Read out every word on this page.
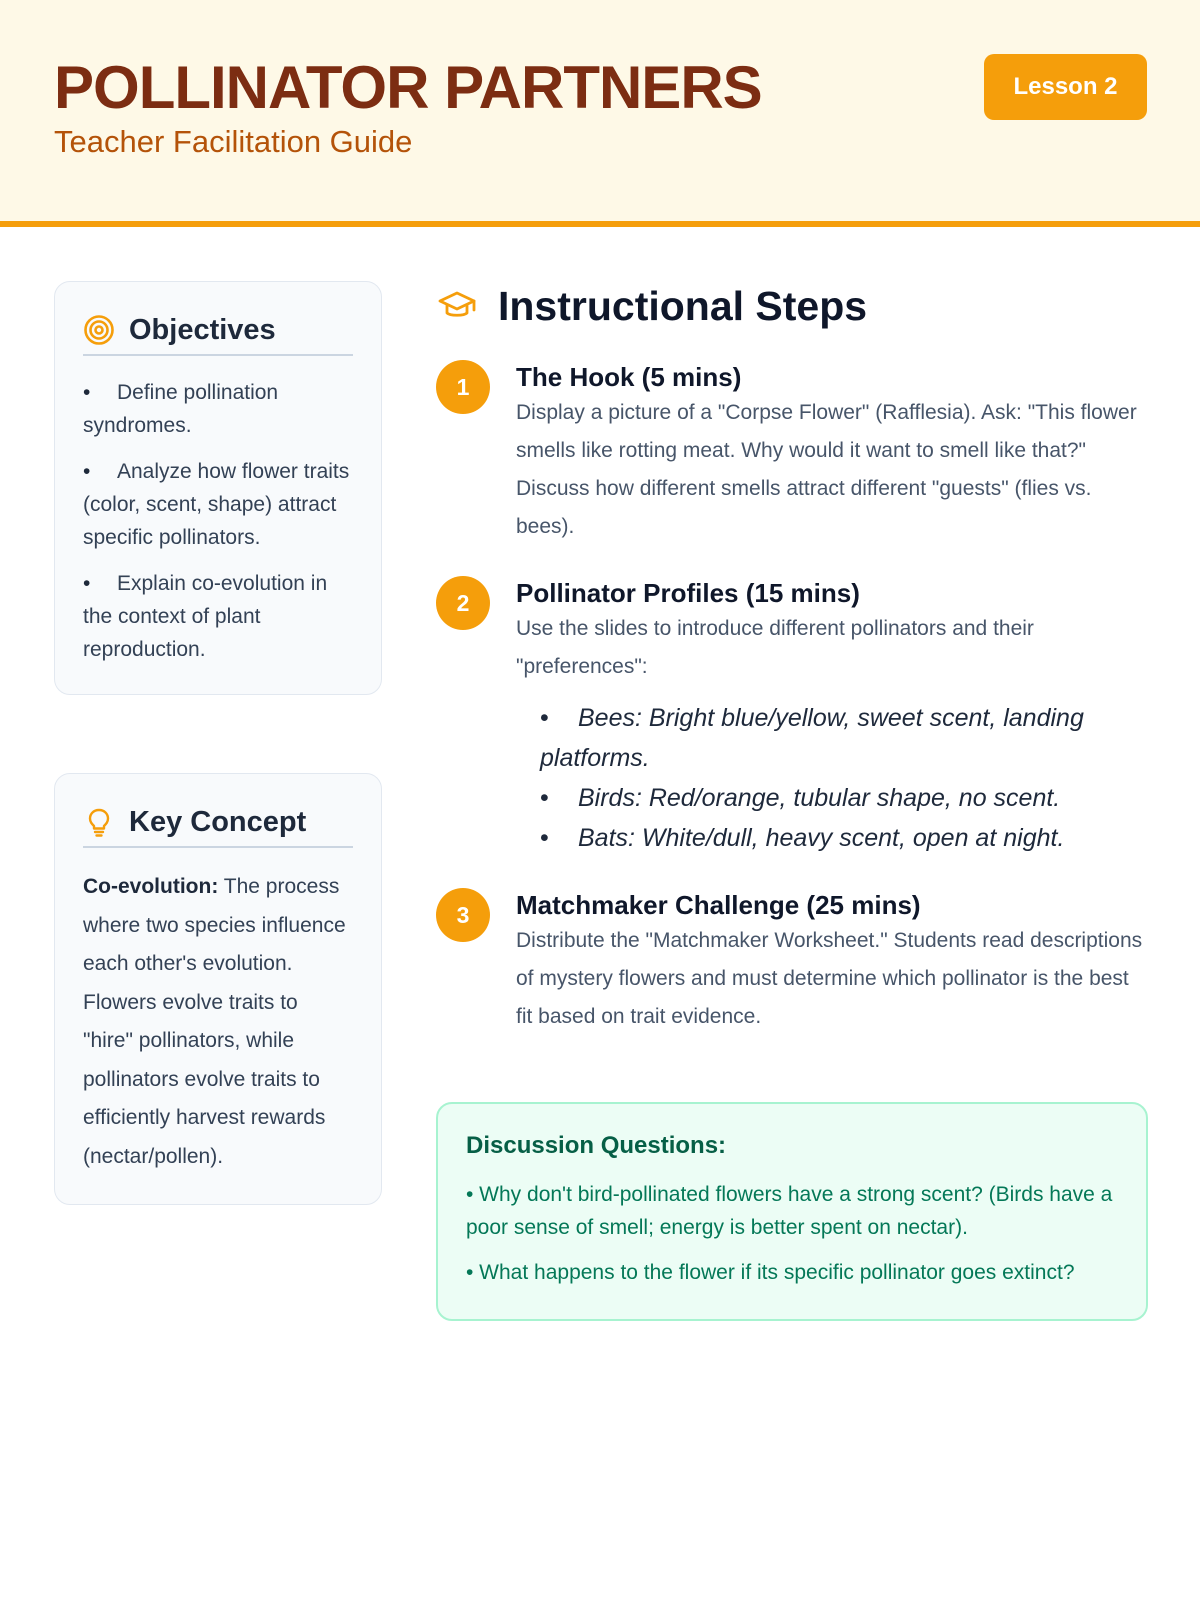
POLLINATOR PARTNERS
Teacher Facilitation Guide
Lesson 2
Objectives
• Define pollination syndromes.
• Analyze how flower traits (color, scent, shape) attract specific pollinators.
• Explain co-evolution in the context of plant reproduction.
Key Concept

Co-evolution: The process where two species influence each other's evolution. Flowers evolve traits to "hire" pollinators, while pollinators evolve traits to efficiently harvest rewards (nectar/pollen).

Instructional Steps
1	The Hook (5 mins)
Display a picture of a "Corpse Flower" (Rafflesia). Ask: "This flower smells like rotting meat. Why would it want to smell like that?" Discuss how different smells attract different "guests" (flies vs. bees).
2	Pollinator Profiles (15 mins)
Use the slides to introduce different pollinators and their "preferences":
• Bees: Bright blue/yellow, sweet scent, landing platforms.
• Birds: Red/orange, tubular shape, no scent.
• Bats: White/dull, heavy scent, open at night.
3	Matchmaker Challenge (25 mins)
Distribute the "Matchmaker Worksheet." Students read descriptions of mystery flowers and must determine which pollinator is the best fit based on trait evidence.
Discussion Questions:
• Why don't bird-pollinated flowers have a strong scent? (Birds have a poor sense of smell; energy is better spent on nectar).
• What happens to the flower if its specific pollinator goes extinct?
